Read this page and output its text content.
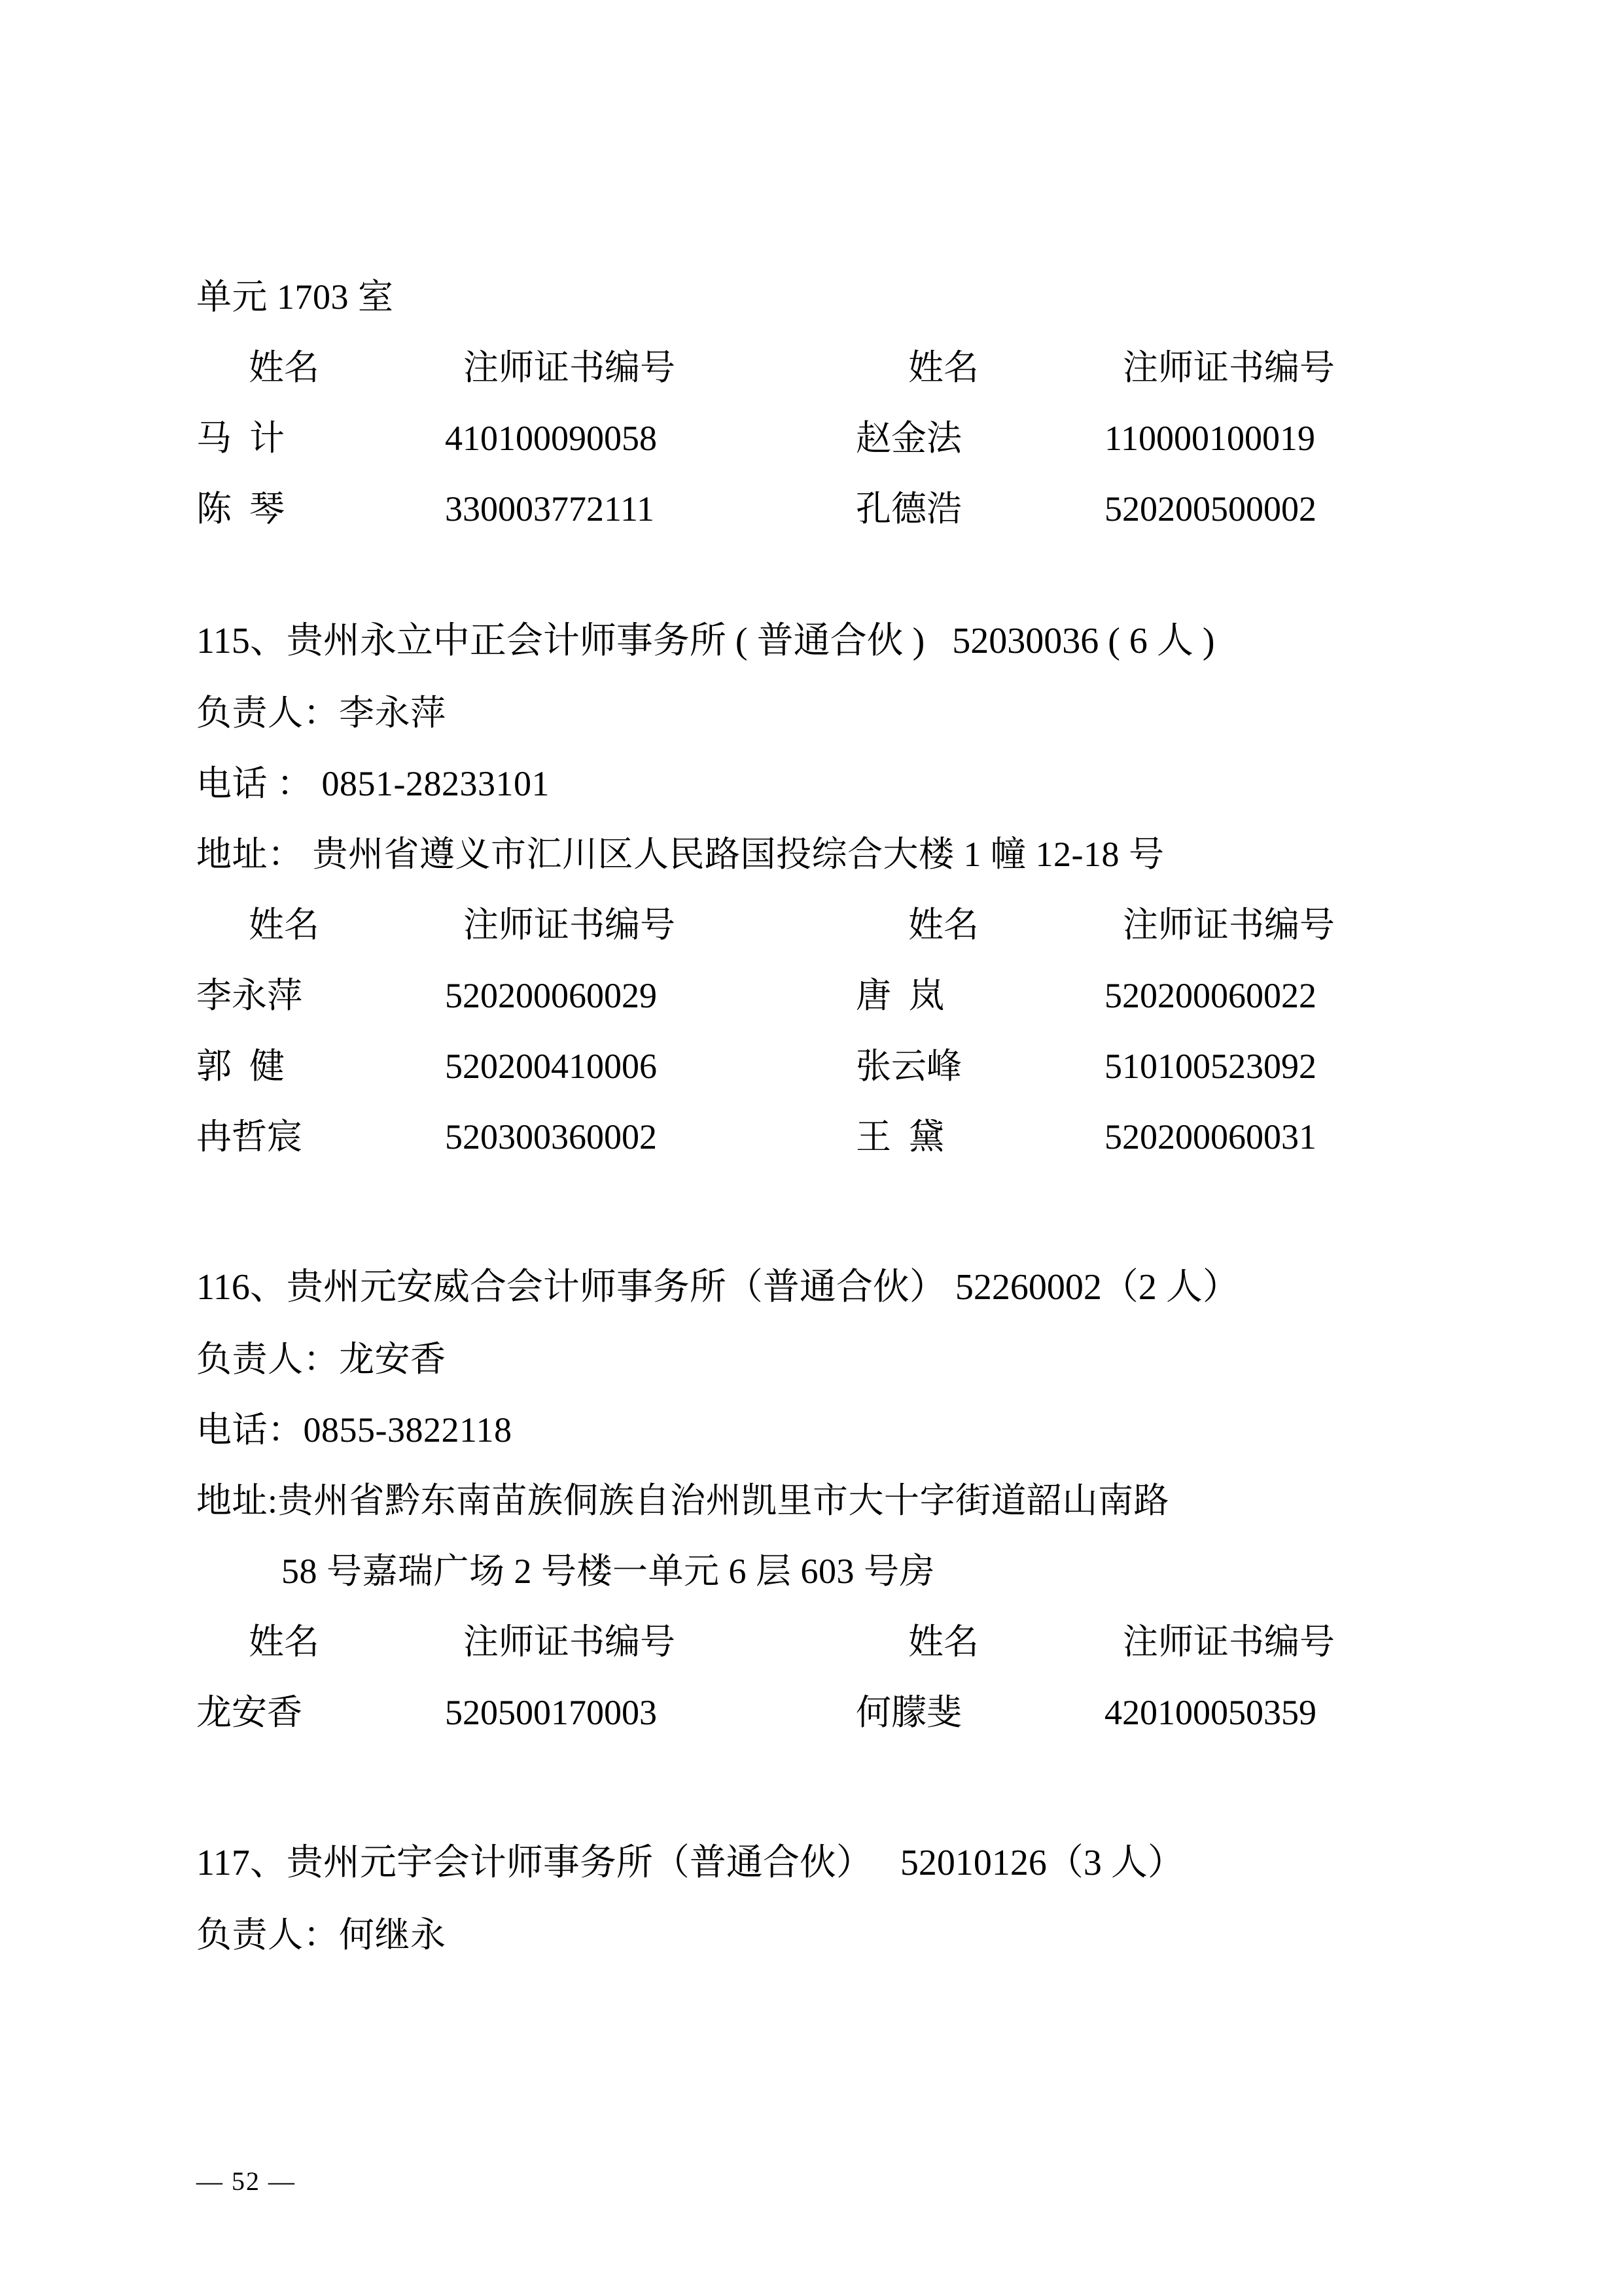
单元 1703 室
姓名	注师证书编号	姓名	注师证书编号
马  计	410100090058	赵金法	110000100019
陈  琴	330003772111	孔德浩	520200500002
115、贵州永立中正会计师事务所 ( 普通合伙 )   52030036 ( 6 人 )
负责人：李永萍
电话 ： 0851-28233101
地址： 贵州省遵义市汇川区人民路国投综合大楼 1 幢 12-18 号
姓名	注师证书编号	姓名	注师证书编号
李永萍	520200060029	唐  岚	520200060022
郭  健	520200410006	张云峰	510100523092
冉哲宸	520300360002	王  黛	520200060031
116、贵州元安威合会计师事务所（普通合伙） 52260002（2 人）
负责人：龙安香
电话：0855-3822118
地址:贵州省黔东南苗族侗族自治州凯里市大十字街道韶山南路
58 号嘉瑞广场 2 号楼一单元 6 层 603 号房
姓名	注师证书编号	姓名	注师证书编号
龙安香	520500170003	何朦斐	420100050359
117、贵州元宇会计师事务所（普通合伙）   52010126（3 人）
负责人：何继永
— 52 —
